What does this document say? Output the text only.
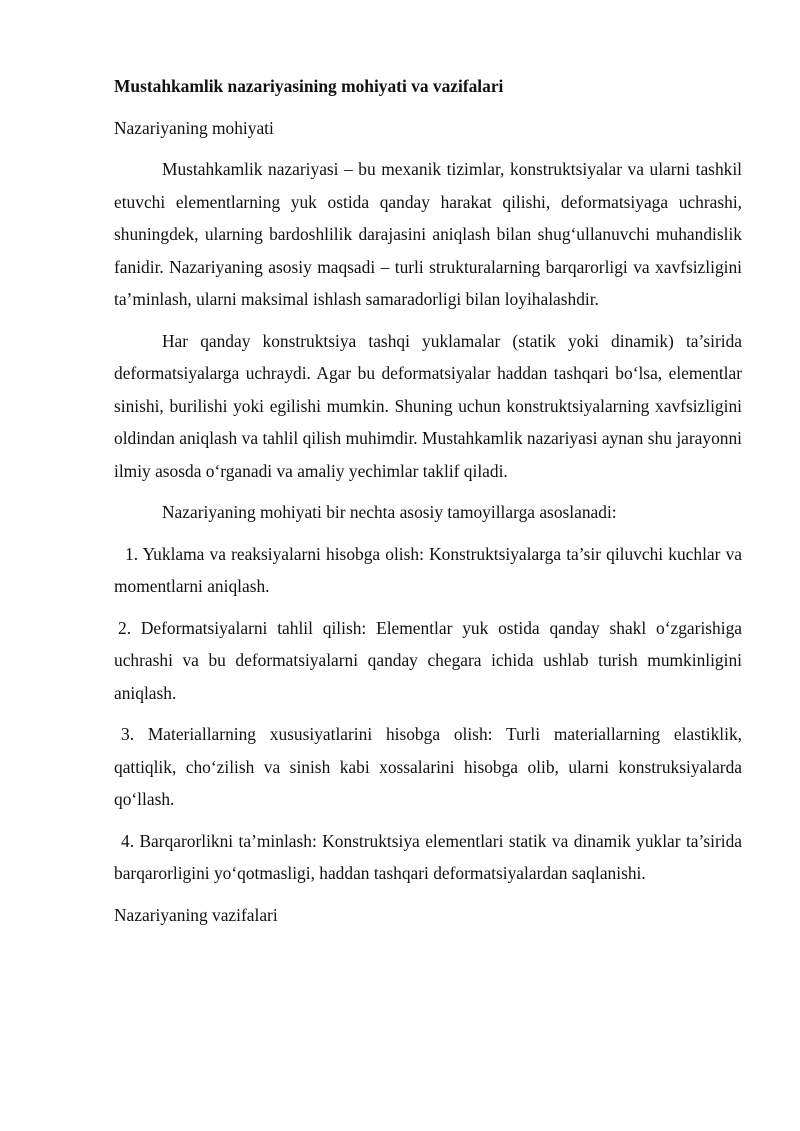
Mustahkamlik nazariyasining mohiyati va vazifalari

Nazariyaning mohiyati

Mustahkamlik nazariyasi – bu mexanik tizimlar, konstruktsiyalar va ularni tashkil etuvchi elementlarning yuk ostida qanday harakat qilishi, deformatsiyaga uchrashi, shuningdek, ularning bardoshlilik darajasini aniqlash bilan shug‘ullanuvchi muhandislik fanidir. Nazariyaning asosiy maqsadi – turli strukturalarning barqarorligi va xavfsizligini ta’minlash, ularni maksimal ishlash samaradorligi bilan loyihalashdir.

Har qanday konstruktsiya tashqi yuklamalar (statik yoki dinamik) ta’sirida deformatsiyalarga uchraydi. Agar bu deformatsiyalar haddan tashqari bo‘lsa, elementlar sinishi, burilishi yoki egilishi mumkin. Shuning uchun konstruktsiyalarning xavfsizligini oldindan aniqlash va tahlil qilish muhimdir. Mustahkamlik nazariyasi aynan shu jarayonni ilmiy asosda o‘rganadi va amaliy yechimlar taklif qiladi.

Nazariyaning mohiyati bir nechta asosiy tamoyillarga asoslanadi:

1. Yuklama va reaksiyalarni hisobga olish: Konstruktsiyalarga ta’sir qiluvchi kuchlar va momentlarni aniqlash.

2. Deformatsiyalarni tahlil qilish: Elementlar yuk ostida qanday shakl o‘zgarishiga uchrashi va bu deformatsiyalarni qanday chegara ichida ushlab turish mumkinligini aniqlash.

3. Materiallarning xususiyatlarini hisobga olish: Turli materiallarning elastiklik, qattiqlik, cho‘zilish va sinish kabi xossalarini hisobga olib, ularni konstruksiyalarda qo‘llash.

4. Barqarorlikni ta’minlash: Konstruktsiya elementlari statik va dinamik yuklar ta’sirida barqarorligini yo‘qotmasligi, haddan tashqari deformatsiyalardan saqlanishi.

Nazariyaning vazifalari
